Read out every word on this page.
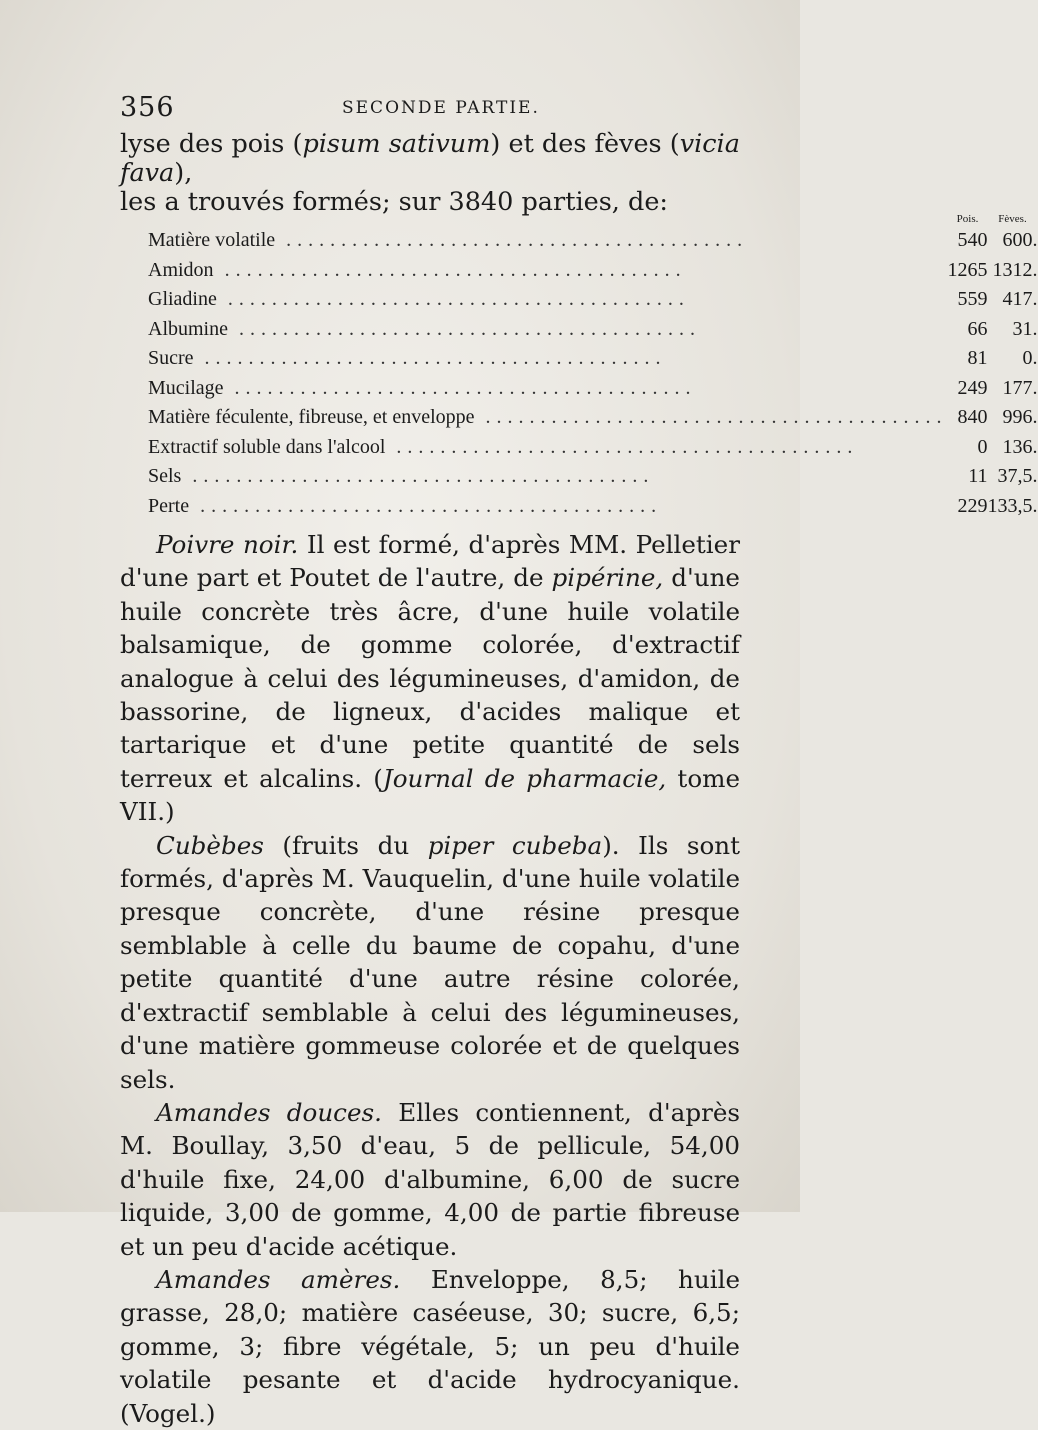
356	SECONDE PARTIE.
lyse des pois (pisum sativum) et des fèves (vicia fava),
les a trouvés formés; sur 3840 parties, de:
	Pois.	Fèves.
Matière volatile ..........................................	540	600.
Amidon ..........................................	1265	1312.
Gliadine ..........................................	559	417.
Albumine ..........................................	66	31.
Sucre ..........................................	81	0.
Mucilage ..........................................	249	177.
Matière féculente, fibreuse, et enveloppe ..........................................	840	996.
Extractif soluble dans l'alcool ..........................................	0	136.
Sels ..........................................	11	37,5.
Perte ..........................................	229	133,5.

Poivre noir. Il est formé, d'après MM. Pelletier d'une part et Poutet de l'autre, de pipérine, d'une huile concrète très âcre, d'une huile volatile balsamique, de gomme colorée, d'extractif analogue à celui des légumineuses, d'amidon, de bassorine, de ligneux, d'acides malique et tartarique et d'une petite quantité de sels terreux et alcalins. (Journal de pharmacie, tome VII.)

Cubèbes (fruits du piper cubeba). Ils sont formés, d'après M. Vauquelin, d'une huile volatile presque concrète, d'une résine presque semblable à celle du baume de copahu, d'une petite quantité d'une autre résine colorée, d'extractif semblable à celui des légumineuses, d'une matière gommeuse colorée et de quelques sels.

Amandes douces. Elles contiennent, d'après M. Boullay, 3,50 d'eau, 5 de pellicule, 54,00 d'huile fixe, 24,00 d'albumine, 6,00 de sucre liquide, 3,00 de gomme, 4,00 de partie fibreuse et un peu d'acide acétique.

Amandes amères. Enveloppe, 8,5; huile grasse, 28,0; matière caséeuse, 30; sucre, 6,5; gomme, 3; fibre végétale, 5; un peu d'huile volatile pesante et d'acide hydrocyanique. (Vogel.)
